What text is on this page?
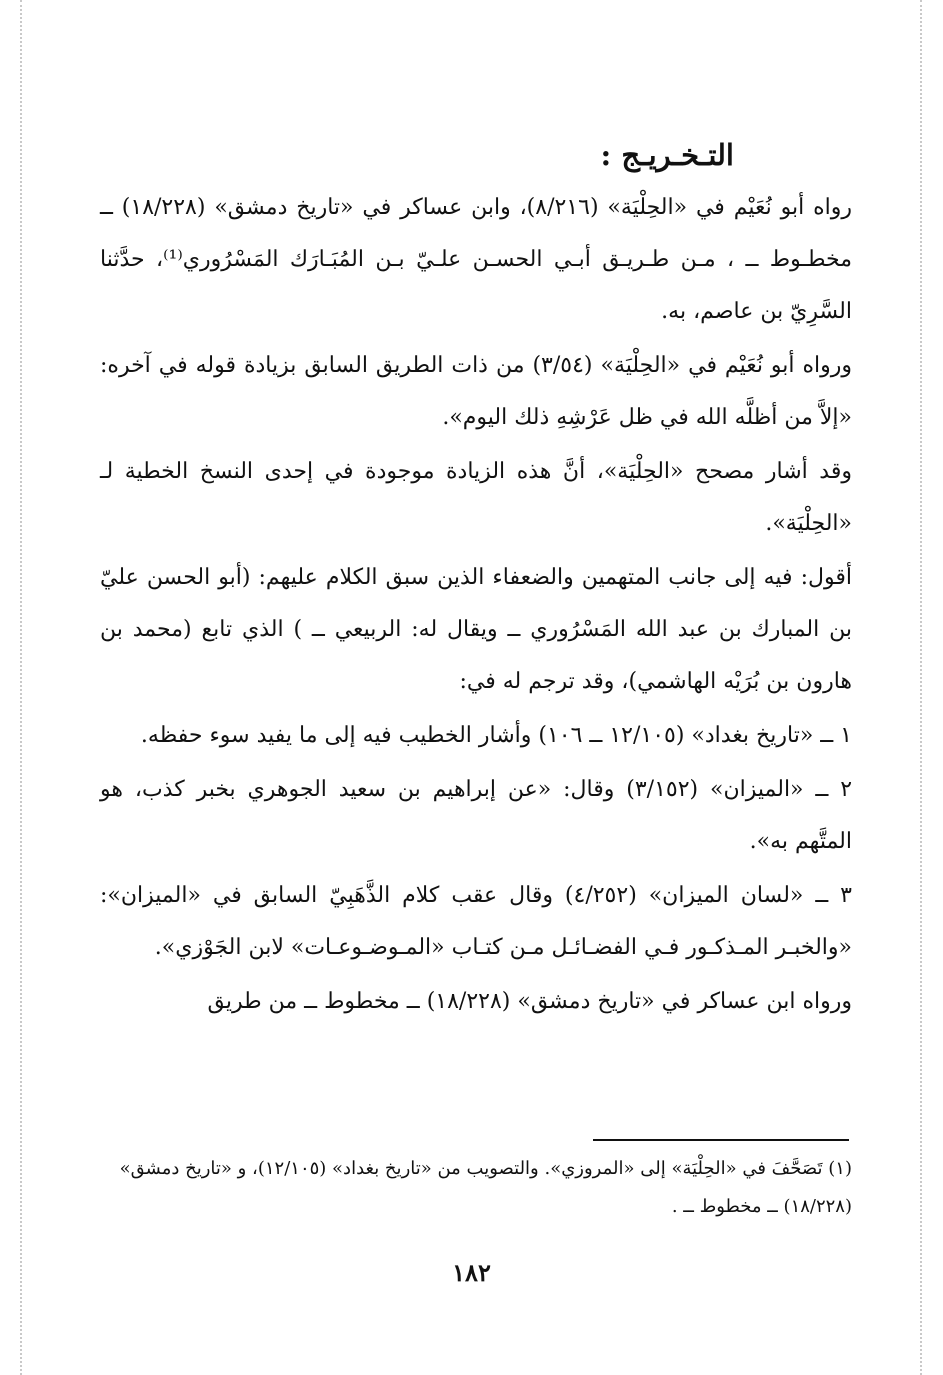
التـخـريـج :

رواه أبو نُعَيْم في «الحِلْيَة» (٨/٢١٦)، وابن عساكر في «تاريخ دمشق» (١٨/٢٢٨) ــ مخطـوط ــ ، مـن طـريـق أبـي الحسـن علـيّ بـن المُبَـارَك المَسْرُوري⁽¹⁾، حدَّثنا السَّرِيّ بن عاصم، به.

ورواه أبو نُعَيْم في «الحِلْيَة» (٣/٥٤) من ذات الطريق السابق بزيادة قوله في آخره: «إلاَّ من أظلَّه الله في ظل عَرْشِهِ ذلك اليوم».

وقد أشار مصحح «الحِلْيَة»، أنَّ هذه الزيادة موجودة في إحدى النسخ الخطية لـ «الحِلْيَة».

أقول: فيه إلى جانب المتهمين والضعفاء الذين سبق الكلام عليهم: (أبو الحسن عليّ بن المبارك بن عبد الله المَسْرُوري ــ ويقال له: الربيعي ــ ) الذي تابع (محمد بن هارون بن بُرَيْه الهاشمي)، وقد ترجم له في:

١ ــ «تاريخ بغداد» (١٢/١٠٥ ــ ١٠٦) وأشار الخطيب فيه إلى ما يفيد سوء حفظه.

٢ ــ «الميزان» (٣/١٥٢) وقال: «عن إبراهيم بن سعيد الجوهري بخبر كذب، هو المتَّهم به».

٣ ــ «لسان الميزان» (٤/٢٥٢) وقال عقب كلام الذَّهَبِيّ السابق في «الميزان»: «والخبـر المـذكـور فـي الفضـائـل مـن كتـاب «المـوضـوعـات» لابن الجَوْزي».

ورواه ابن عساكر في «تاريخ دمشق» (١٨/٢٢٨) ــ مخطوط ــ من طريق

(١) تَصَحَّفَ في «الحِلْيَة» إلى «المروزي». والتصويب من «تاريخ بغداد» (١٢/١٠٥)، و «تاريخ دمشق» (١٨/٢٢٨) ــ مخطوط ــ .
١٨٢
